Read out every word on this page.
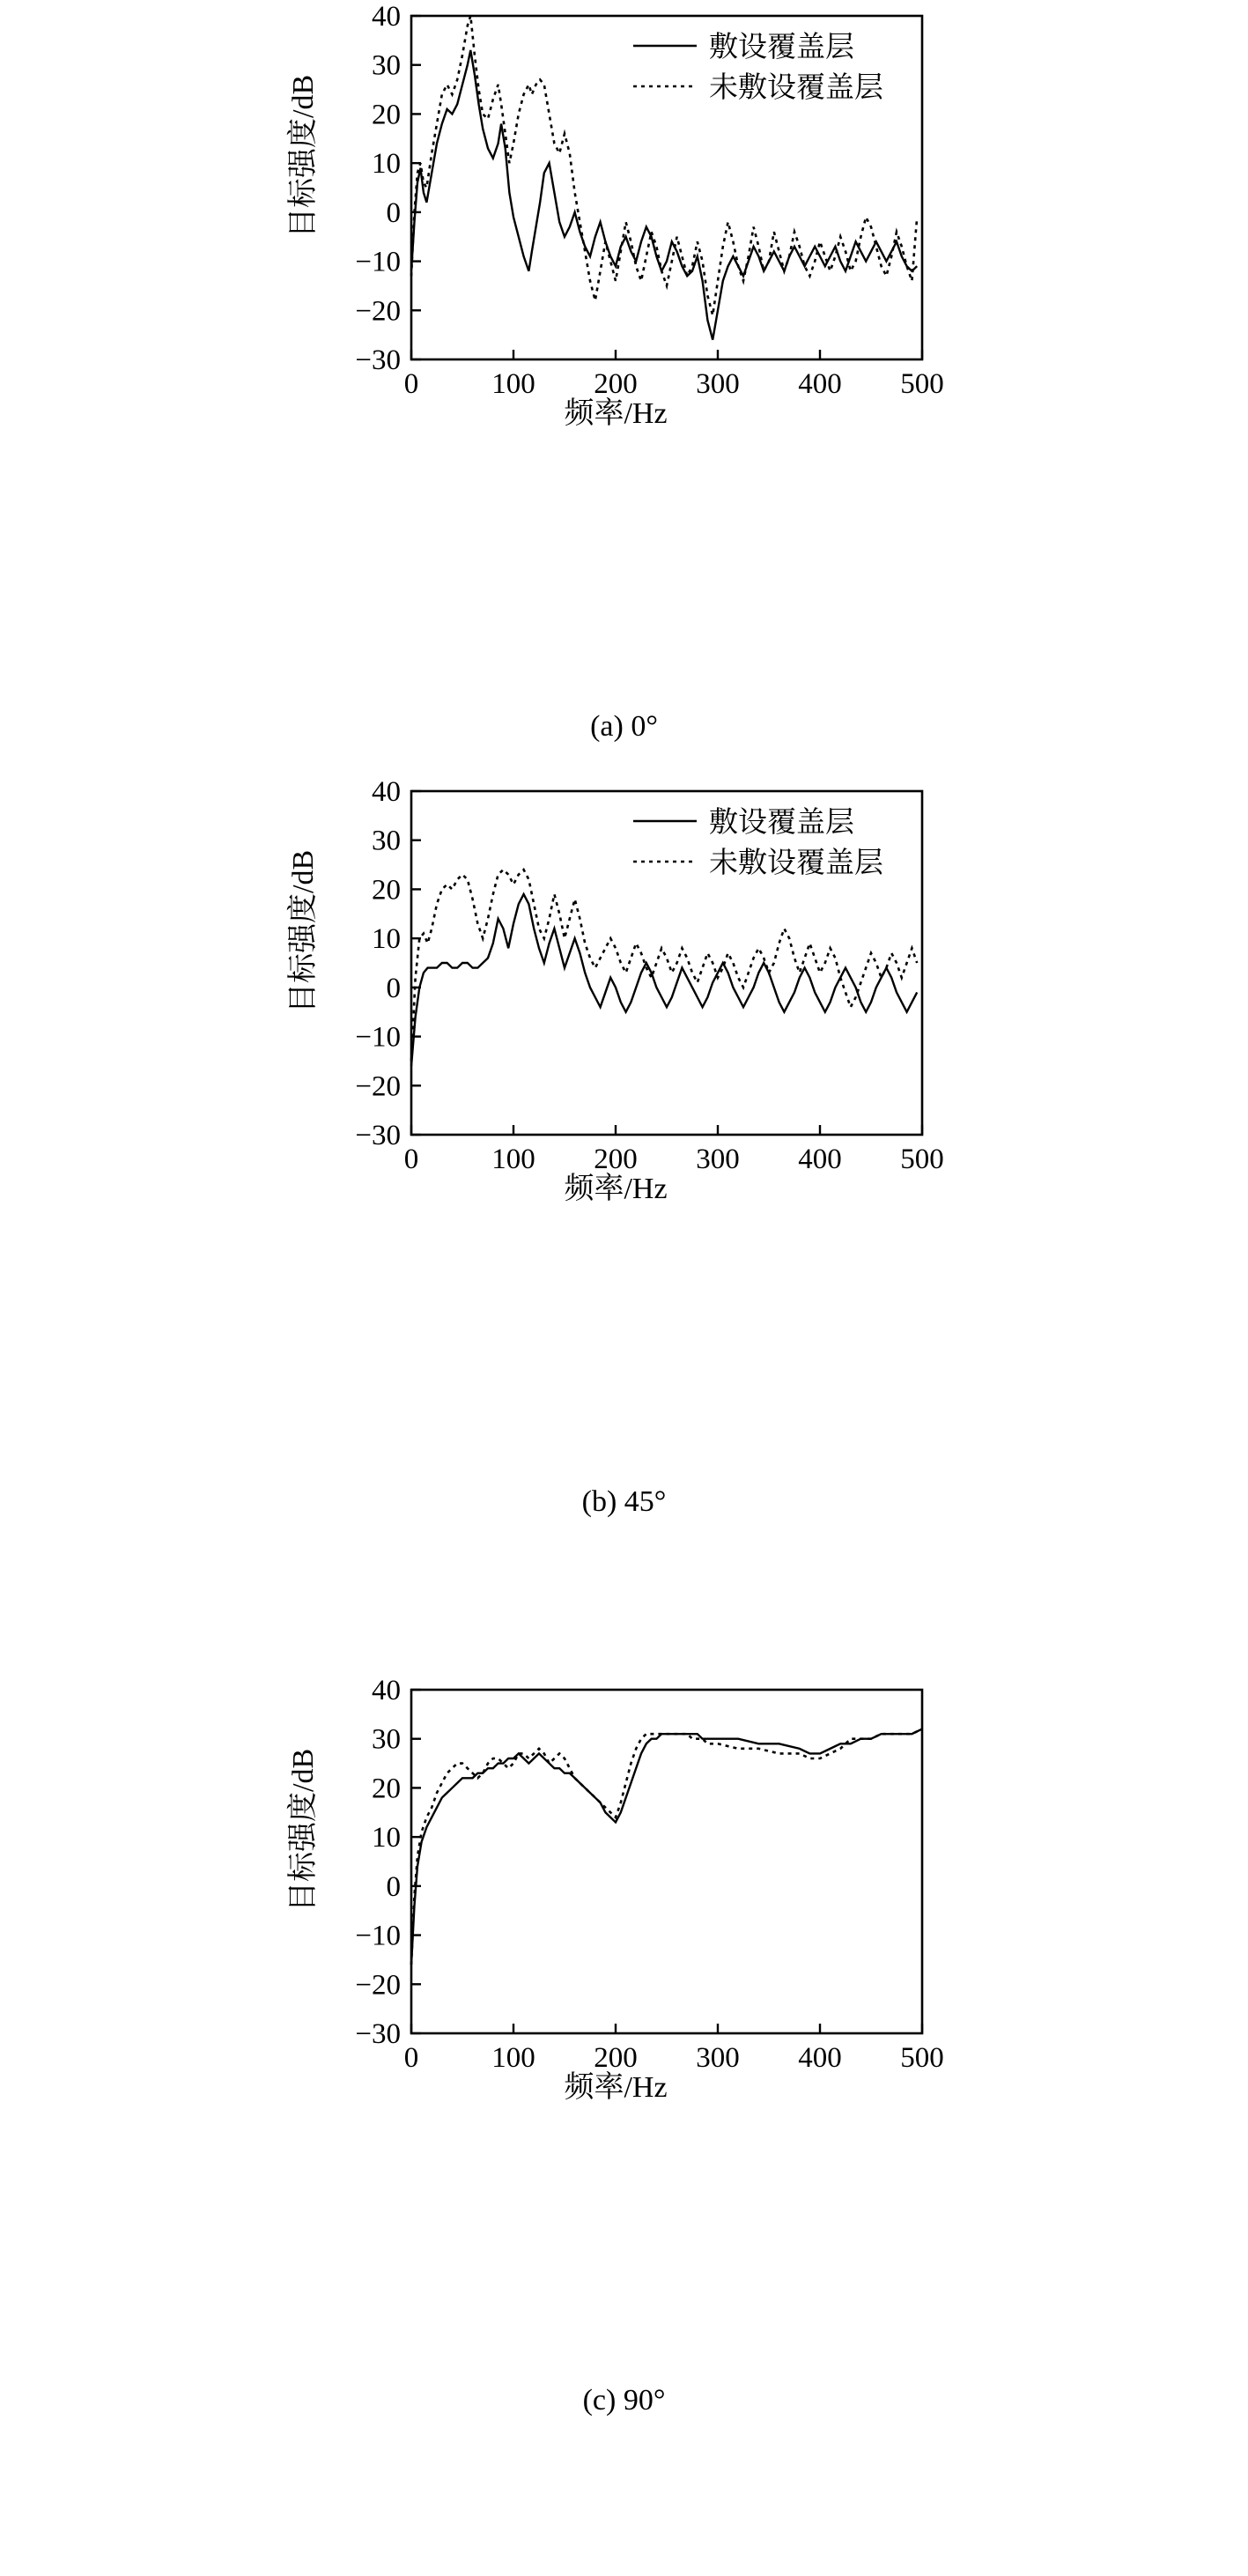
目标强度/dB
频率/Hz
0	100 200 300 400 500
40
30
20
10
0
−10
−20
−30
敷设覆盖层
未敷设覆盖层
(a) 0°
目标强度/dB
频率/Hz
0	100 200 300 400 500
40
30
20
10
0
−10
−20
−30
敷设覆盖层
未敷设覆盖层
(b) 45°
目标强度/dB
频率/Hz
0	100 200 300 400 500
40
30
20
10
0
−10
−20
−30
(c) 90°
